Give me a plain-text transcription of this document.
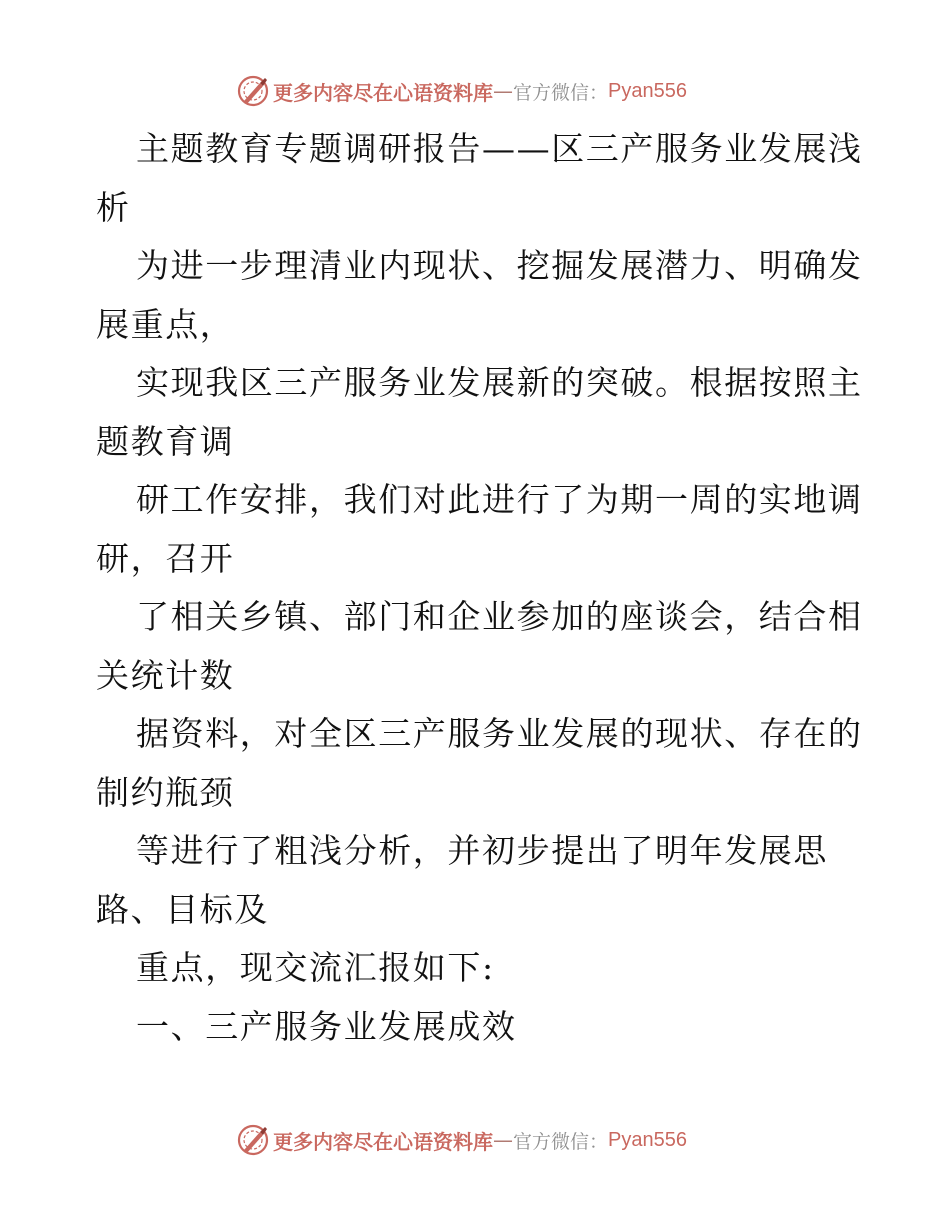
更多内容尽在心语资料库 — 官方微信： Pyan556
主题教育专题调研报告——区三产服务业发展浅
析
为进一步理清业内现状、挖掘发展潜力、明确发
展重点，
实现我区三产服务业发展新的突破。根据按照主
题教育调
研工作安排，我们对此进行了为期一周的实地调
研，召开
了相关乡镇、部门和企业参加的座谈会，结合相
关统计数
据资料，对全区三产服务业发展的现状、存在的
制约瓶颈
等进行了粗浅分析，并初步提出了明年发展思
路、目标及
重点，现交流汇报如下:
一、三产服务业发展成效
更多内容尽在心语资料库 — 官方微信： Pyan556
